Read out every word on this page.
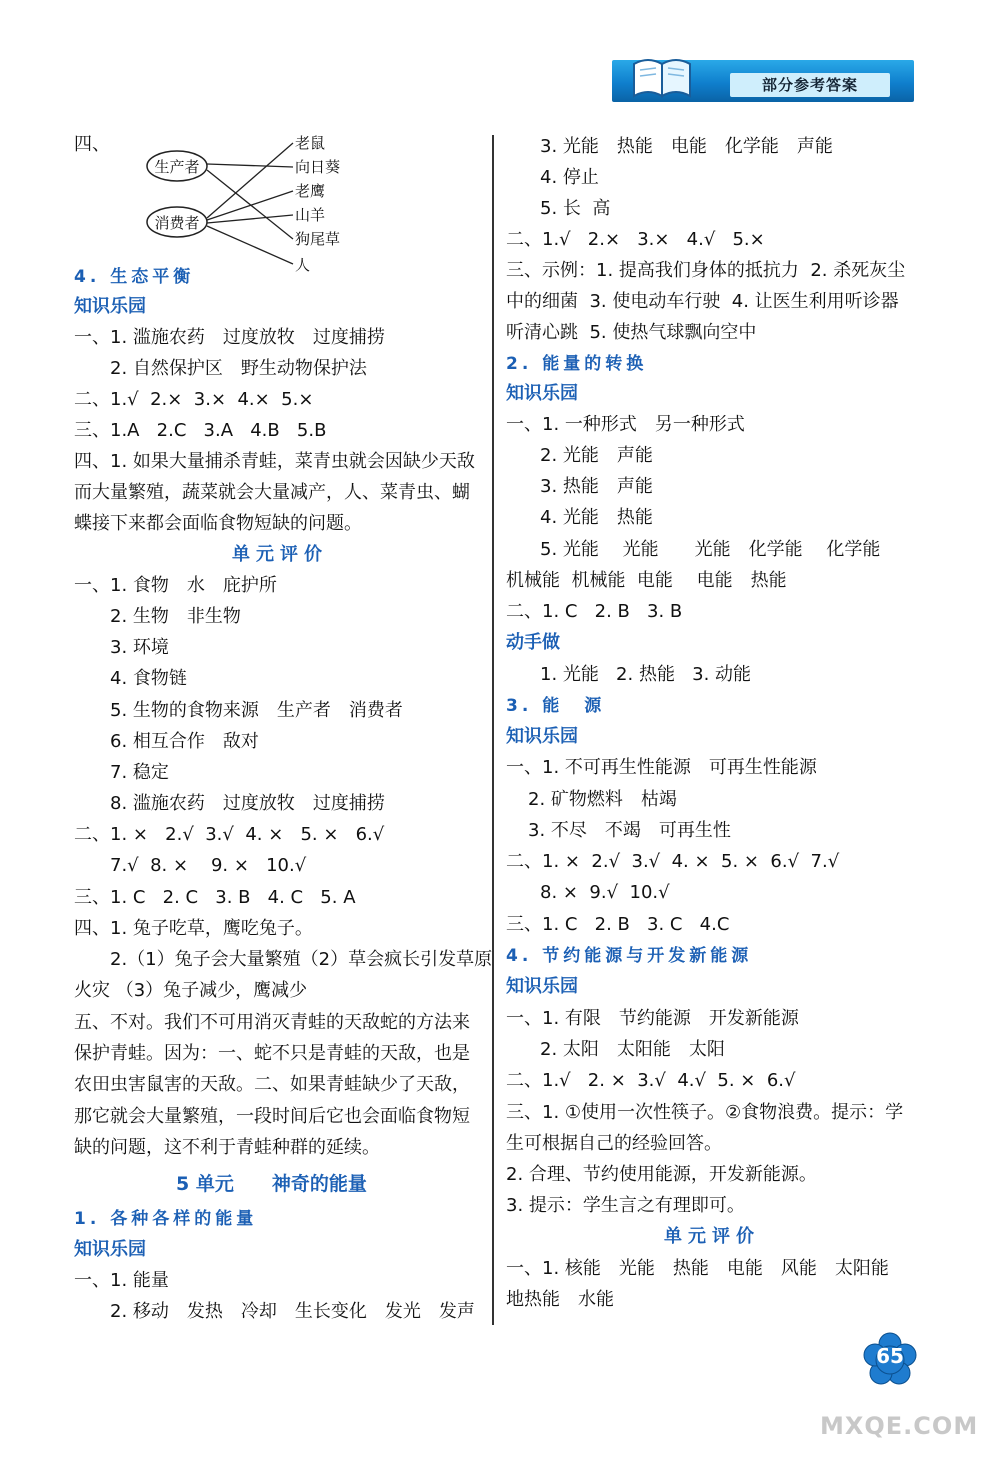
部分参考答案
四、
生产者
消费者
老鼠
向日葵
老鹰
山羊
狗尾草
人
4. 生态平衡
知识乐园
一、1. 滥施农药　过度放牧　过度捕捞
2. 自然保护区　野生动物保护法
二、1.√  2.×  3.×  4.×  5.×
三、1.A   2.C   3.A   4.B   5.B
四、1. 如果大量捕杀青蛙，菜青虫就会因缺少天敌
而大量繁殖，蔬菜就会大量减产，人、菜青虫、蝴
蝶接下来都会面临食物短缺的问题。
单元评价
一、1. 食物　水　庇护所
2. 生物　非生物
3. 环境
4. 食物链
5. 生物的食物来源　生产者　消费者
6. 相互合作　敌对
7. 稳定
8. 滥施农药　过度放牧　过度捕捞
二、1. ×   2.√  3.√  4. ×   5. ×   6.√
7.√  8. ×    9. ×   10.√
三、1. C   2. C   3. B   4. C   5. A
四、1. 兔子吃草，鹰吃兔子。
2.（1）兔子会大量繁殖（2）草会疯长引发草原
火灾 （3）兔子减少，鹰减少
五、不对。我们不可用消灭青蛙的天敌蛇的方法来
保护青蛙。因为：一、蛇不只是青蛙的天敌，也是
农田虫害鼠害的天敌。二、如果青蛙缺少了天敌，
那它就会大量繁殖，一段时间后它也会面临食物短
缺的问题，这不利于青蛙种群的延续。
5 单元　　神奇的能量
1. 各种各样的能量
知识乐园
一、1. 能量
2. 移动　发热　冷却　生长变化　发光　发声
3. 光能　热能　电能　化学能　声能
4. 停止
5. 长  高
二、1.√   2.×   3.×   4.√   5.×
三、示例：1. 提高我们身体的抵抗力  2. 杀死灰尘
中的细菌  3. 使电动车行驶  4. 让医生利用听诊器
听清心跳  5. 使热气球飘向空中
2. 能量的转换
知识乐园
一、1. 一种形式　另一种形式
2. 光能　声能
3. 热能　声能
4. 光能　热能
5. 光能　 光能　　光能　化学能　 化学能
机械能  机械能  电能　 电能　热能
二、1. C   2. B   3. B
动手做
1. 光能   2. 热能   3. 动能
3. 能　源
知识乐园
一、1. 不可再生性能源　可再生性能源
2. 矿物燃料　枯竭
3. 不尽　不竭　可再生性
二、1. ×  2.√  3.√  4. ×  5. ×  6.√  7.√
8. ×  9.√  10.√
三、1. C   2. B   3. C   4.C
4. 节约能源与开发新能源
知识乐园
一、1. 有限　节约能源　开发新能源
2. 太阳　太阳能　太阳
二、1.√   2. ×  3.√  4.√  5. ×  6.√
三、1. ①使用一次性筷子。②食物浪费。提示：学
生可根据自己的经验回答。
2. 合理、节约使用能源，开发新能源。
3. 提示：学生言之有理即可。
单元评价
一、1. 核能　光能　热能　电能　风能　太阳能
地热能　水能
65
MXQE.COM
